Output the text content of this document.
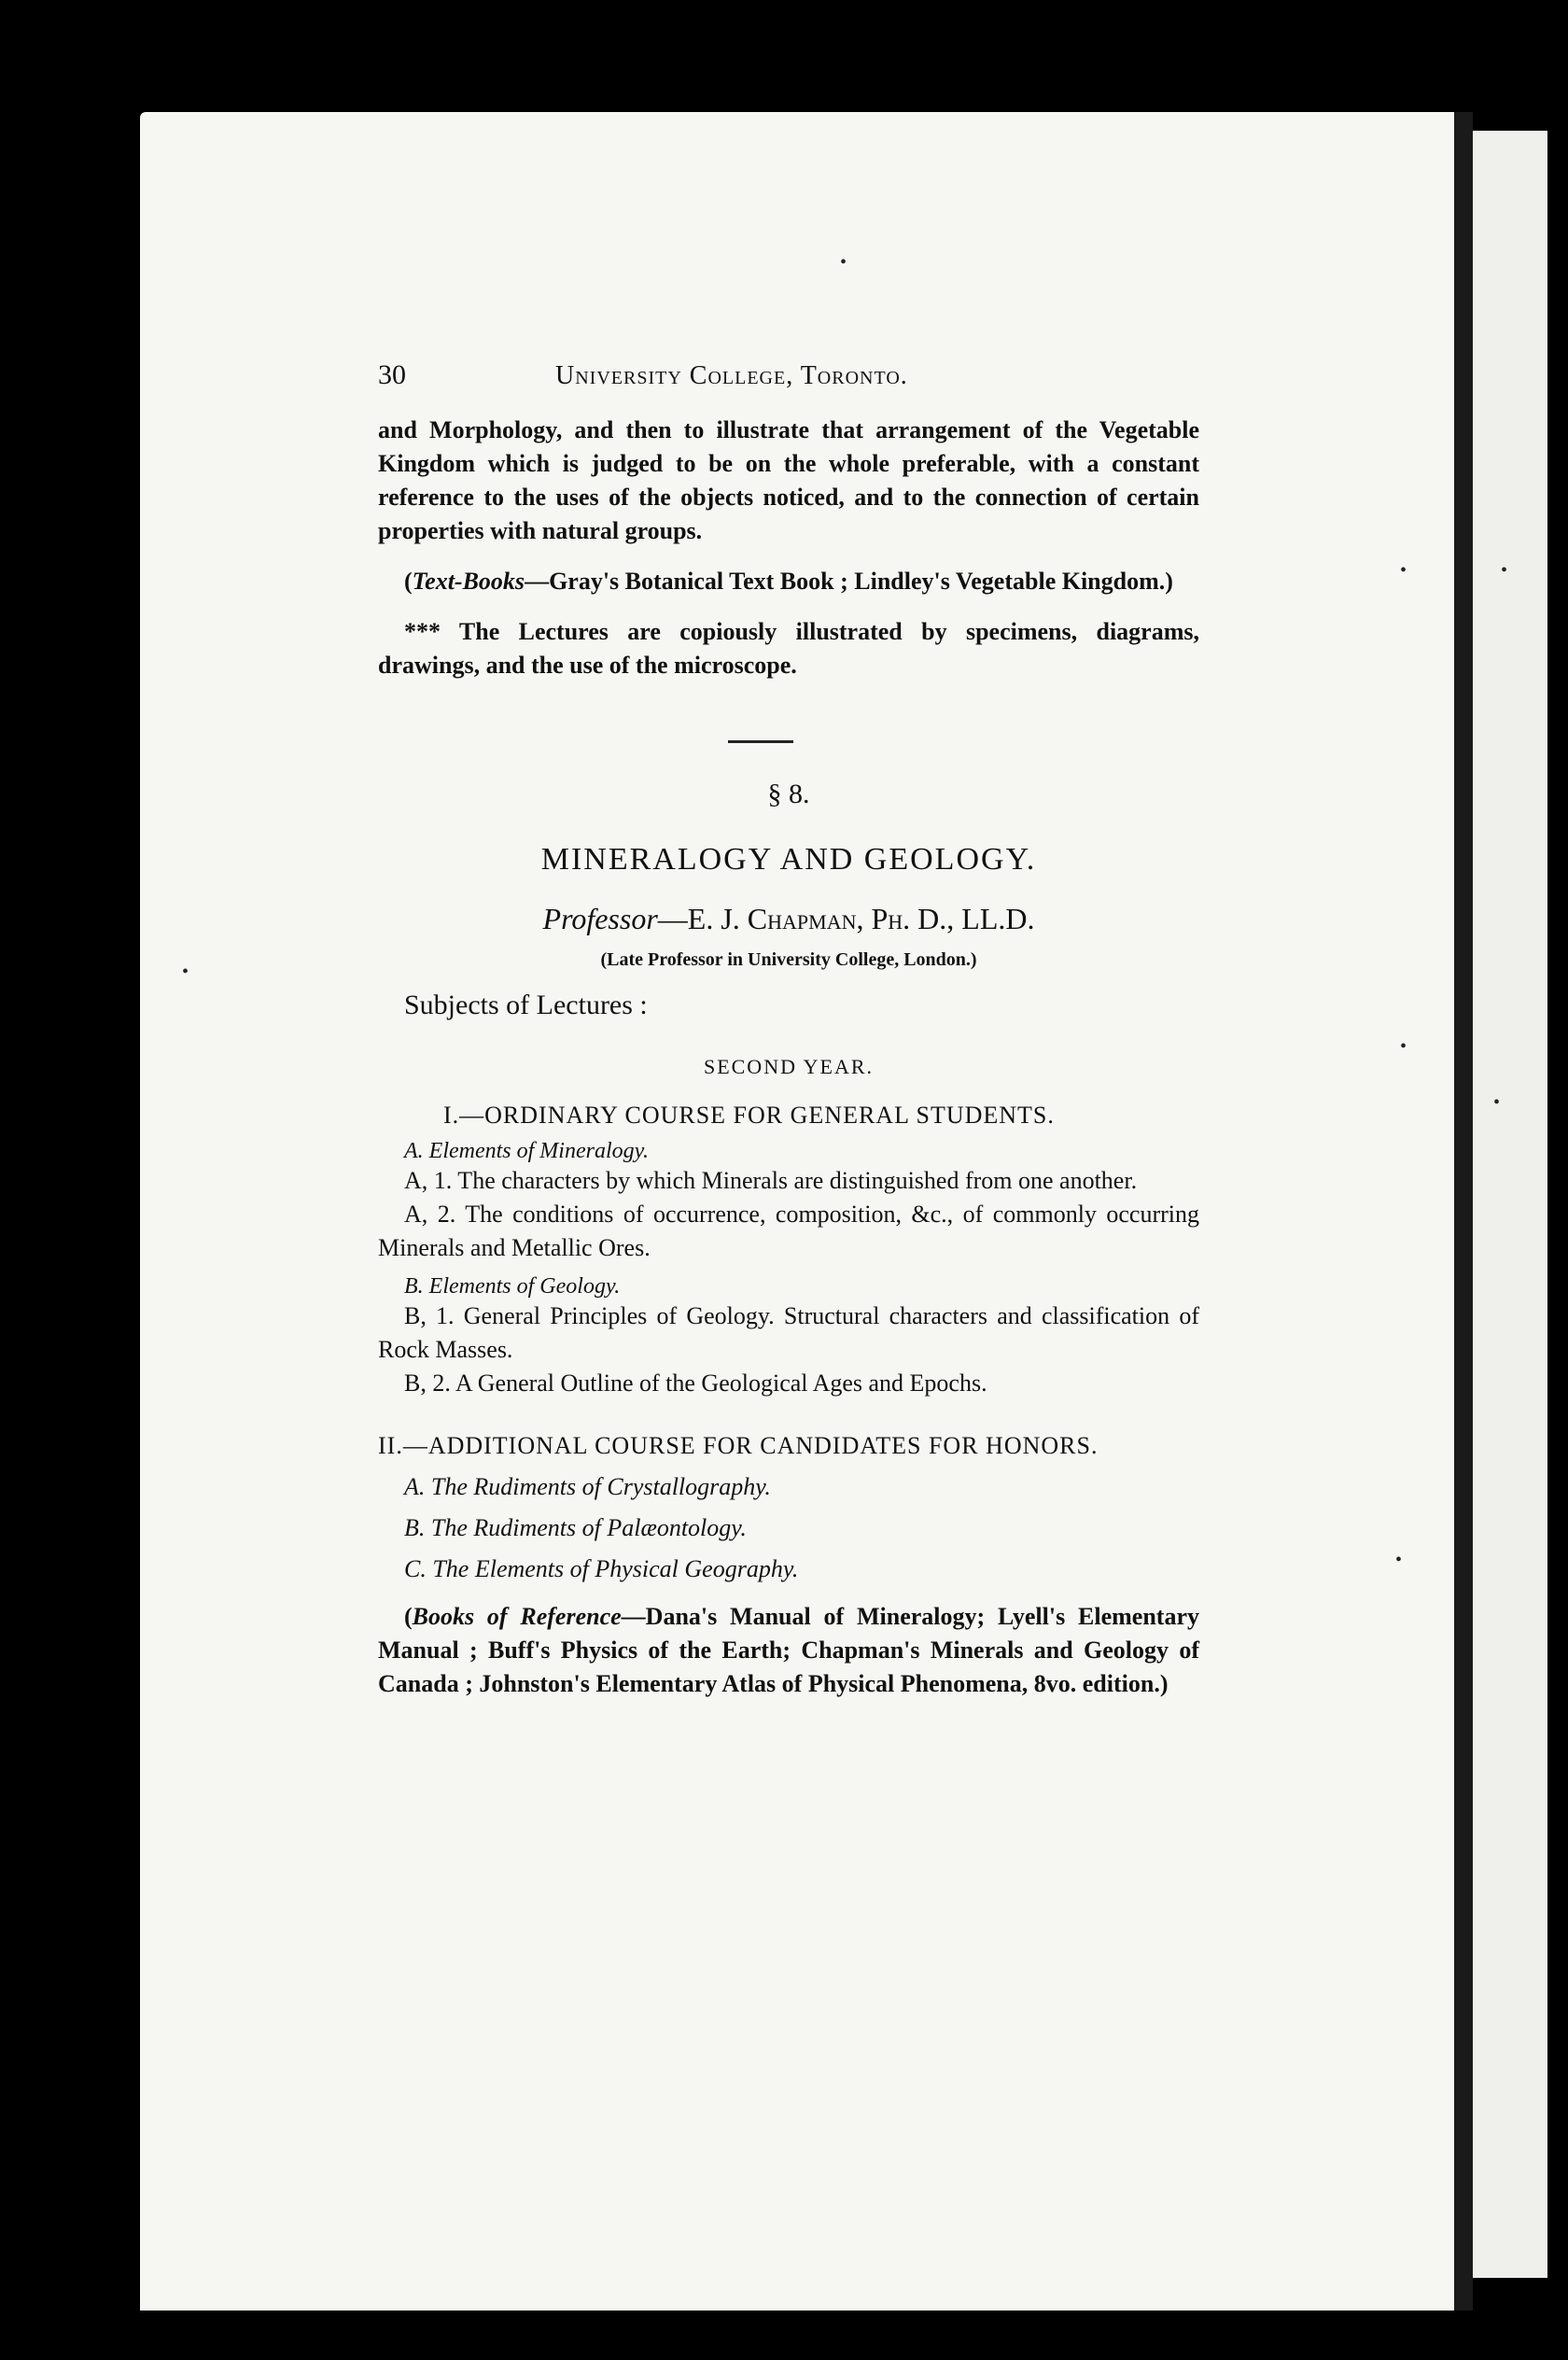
30	University College, Toronto.

and Morphology, and then to illustrate that arrangement of the Vegetable Kingdom which is judged to be on the whole preferable, with a constant reference to the uses of the objects noticed, and to the connection of certain properties with natural groups.

(Text-Books—Gray's Botanical Text Book ; Lindley's Vegetable Kingdom.)

*** The Lectures are copiously illustrated by specimens, diagrams, drawings, and the use of the microscope.

§ 8.
MINERALOGY AND GEOLOGY.
Professor—E. J. Chapman, Ph. D., LL.D.
(Late Professor in University College, London.)
Subjects of Lectures :
SECOND YEAR.
I.—ORDINARY COURSE FOR GENERAL STUDENTS.
A. Elements of Mineralogy.

A, 1. The characters by which Minerals are distinguished from one another.

A, 2. The conditions of occurrence, composition, &c., of commonly occurring Minerals and Metallic Ores.

B. Elements of Geology.

B, 1. General Principles of Geology. Structural characters and classification of Rock Masses.

B, 2. A General Outline of the Geological Ages and Epochs.

II.—ADDITIONAL COURSE FOR CANDIDATES FOR HONORS.
A. The Rudiments of Crystallography.
B. The Rudiments of Palæontology.
C. The Elements of Physical Geography.

(Books of Reference—Dana's Manual of Mineralogy; Lyell's Elementary Manual ; Buff's Physics of the Earth; Chapman's Minerals and Geology of Canada ; Johnston's Elementary Atlas of Physical Phenomena, 8vo. edition.)

•
•	•
•
•
•
•
